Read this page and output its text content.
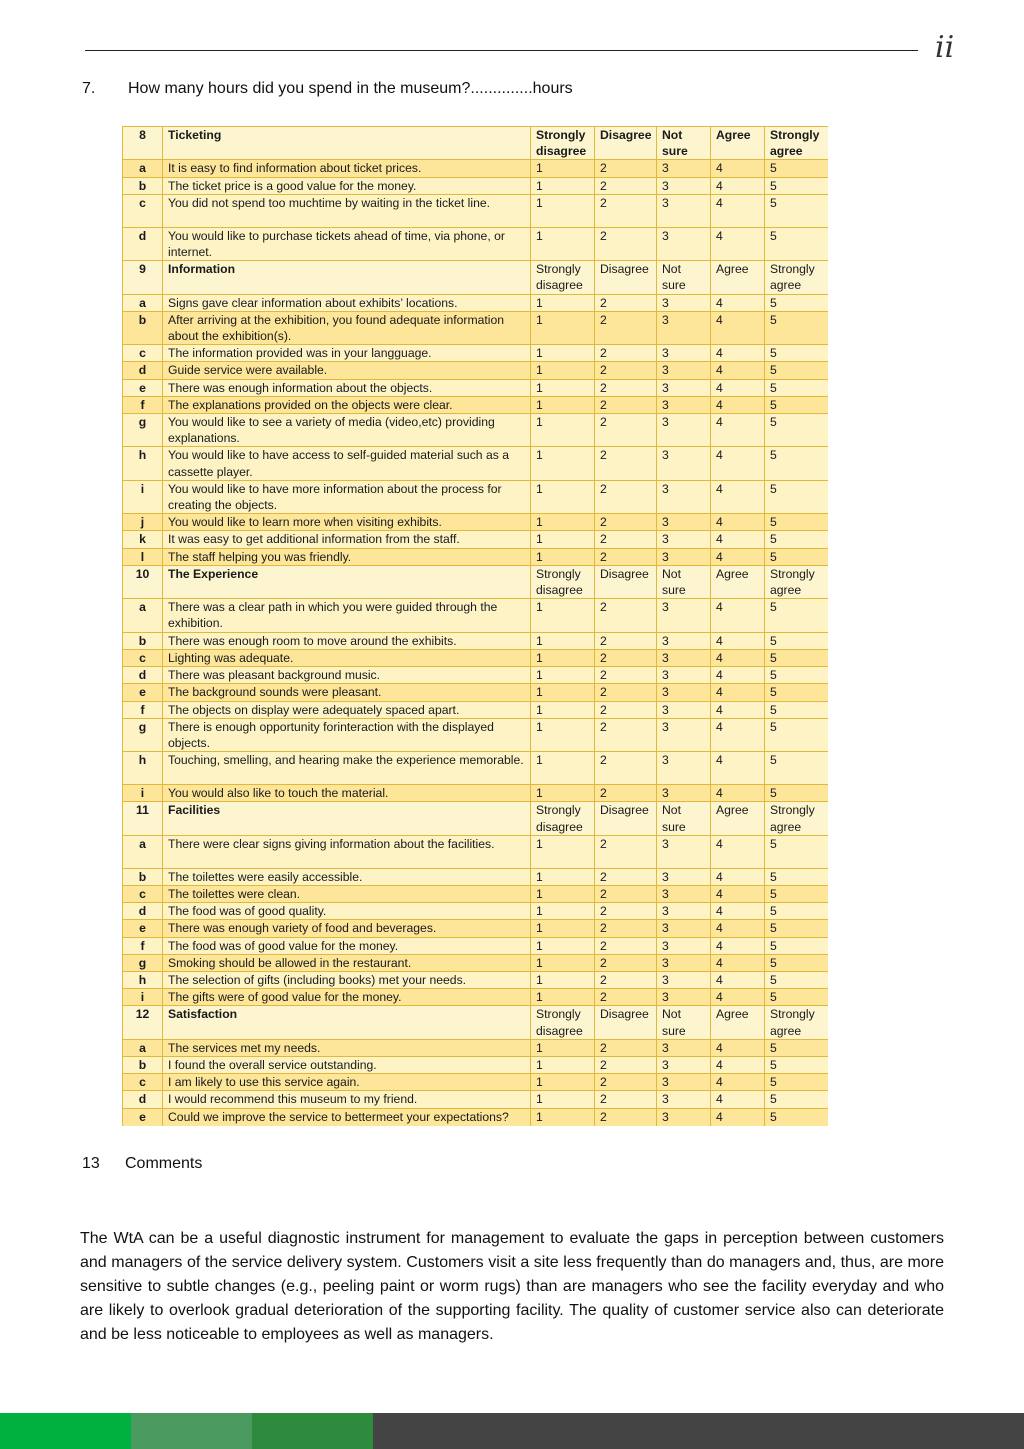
ii
7. How many hours did you spend in the museum?..............hours
8	Ticketing	Strongly disagree	Disagree	Not sure	Agree	Strongly agree
a	It is easy to find information about ticket prices.	1	2	3	4	5
b	The ticket price is a good value for the money.	1	2	3	4	5
c	You did not spend too muchtime by waiting in the ticket line.	1	2	3	4	5
d	You would like to purchase tickets ahead of time, via phone, or internet.	1	2	3	4	5
9	Information	Strongly disagree	Disagree	Not sure	Agree	Strongly agree
a	Signs gave clear information about exhibits’ locations.	1	2	3	4	5
b	After arriving at the exhibition, you found adequate information about the exhibition(s).	1	2	3	4	5
c	The information provided was in your langguage.	1	2	3	4	5
d	Guide service were available.	1	2	3	4	5
e	There was enough information about the objects.	1	2	3	4	5
f	The explanations provided on the objects were clear.	1	2	3	4	5
g	You would like to see a variety of media (video,etc) providing explanations.	1	2	3	4	5
h	You would like to have access to self-guided material such as a cassette player.	1	2	3	4	5
i	You would like to have more information about the process for creating the objects.	1	2	3	4	5
j	You would like to learn more when visiting exhibits.	1	2	3	4	5
k	It was easy to get additional information from the staff.	1	2	3	4	5
l	The staff helping you was friendly.	1	2	3	4	5
10	The Experience	Strongly disagree	Disagree	Not sure	Agree	Strongly agree
a	There was a clear path in which you were guided through the exhibition.	1	2	3	4	5
b	There was enough room to move around the exhibits.	1	2	3	4	5
c	Lighting was adequate.	1	2	3	4	5
d	There was pleasant background music.	1	2	3	4	5
e	The background sounds were pleasant.	1	2	3	4	5
f	The objects on display were adequately spaced apart.	1	2	3	4	5
g	There is enough opportunity forinteraction with the displayed objects.	1	2	3	4	5
h	Touching, smelling, and hearing make the experience memorable.	1	2	3	4	5
i	You would also like to touch the material.	1	2	3	4	5
11	Facilities	Strongly disagree	Disagree	Not sure	Agree	Strongly agree
a	There were clear signs giving information about the facilities.	1	2	3	4	5
b	The toilettes were easily accessible.	1	2	3	4	5
c	The toilettes were clean.	1	2	3	4	5
d	The food was of good quality.	1	2	3	4	5
e	There was enough variety of food and beverages.	1	2	3	4	5
f	The food was of good value for the money.	1	2	3	4	5
g	Smoking should be allowed in the restaurant.	1	2	3	4	5
h	The selection of gifts (including books) met your needs.	1	2	3	4	5
i	The gifts were of good value for the money.	1	2	3	4	5
12	Satisfaction	Strongly disagree	Disagree	Not sure	Agree	Strongly agree
a	The services met my needs.	1	2	3	4	5
b	I found the overall service outstanding.	1	2	3	4	5
c	I am likely to use this service again.	1	2	3	4	5
d	I would recommend this museum to my friend.	1	2	3	4	5
e	Could we improve the service to bettermeet your expectations?	1	2	3	4	5
13 Comments
The WtA can be a useful diagnostic instrument for management to evaluate the gaps in perception between customers and managers of the service delivery system. Customers visit a site less frequently than do managers and, thus, are more sensitive to subtle changes (e.g., peeling paint or worm rugs) than are managers who see the facility everyday and who are likely to overlook gradual deterioration of the supporting facility. The quality of customer service also can deteriorate and be less noticeable to employees as well as managers.
